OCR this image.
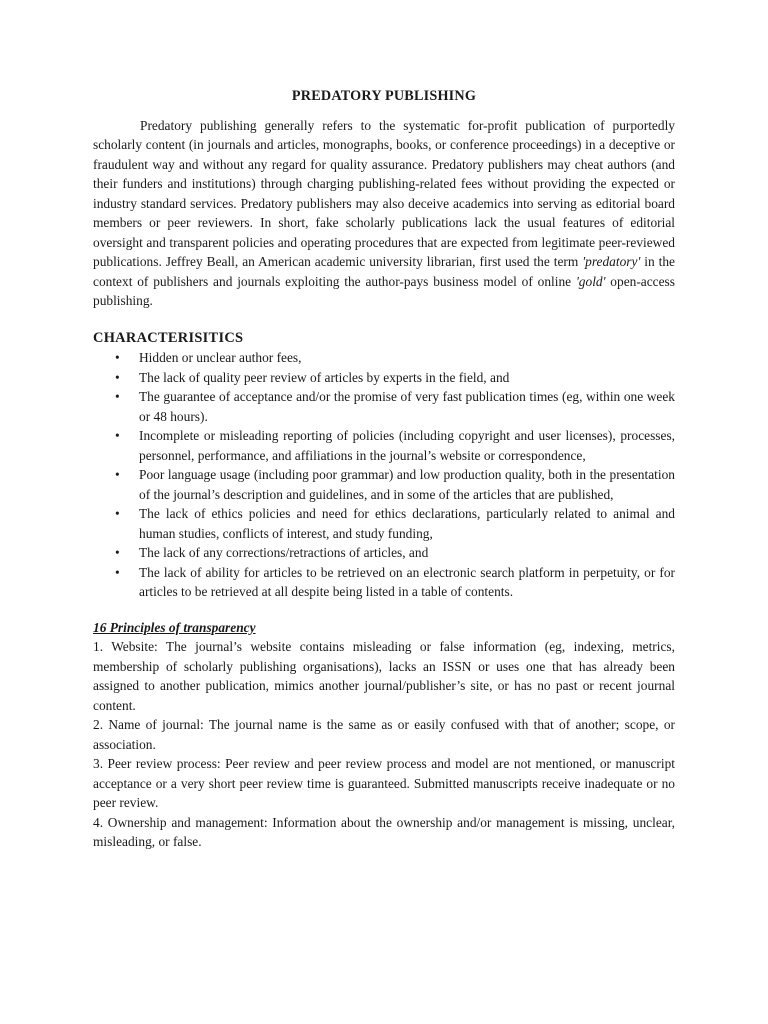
PREDATORY PUBLISHING

Predatory publishing generally refers to the systematic for-profit publication of purportedly scholarly content (in journals and articles, monographs, books, or conference proceedings) in a deceptive or fraudulent way and without any regard for quality assurance. Predatory publishers may cheat authors (and their funders and institutions) through charging publishing-related fees without providing the expected or industry standard services. Predatory publishers may also deceive academics into serving as editorial board members or peer reviewers. In short, fake scholarly publications lack the usual features of editorial oversight and transparent policies and operating procedures that are expected from legitimate peer-reviewed publications. Jeffrey Beall, an American academic university librarian, first used the term 'predatory' in the context of publishers and journals exploiting the author-pays business model of online 'gold' open-access publishing.

CHARACTERISITICS
• Hidden or unclear author fees,
• The lack of quality peer review of articles by experts in the field, and
• The guarantee of acceptance and/or the promise of very fast publication times (eg, within one week or 48 hours).
• Incomplete or misleading reporting of policies (including copyright and user licenses), processes, personnel, performance, and affiliations in the journal’s website or correspondence,
• Poor language usage (including poor grammar) and low production quality, both in the presentation of the journal’s description and guidelines, and in some of the articles that are published,
• The lack of ethics policies and need for ethics declarations, particularly related to animal and human studies, conflicts of interest, and study funding,
• The lack of any corrections/retractions of articles, and
• The lack of ability for articles to be retrieved on an electronic search platform in perpetuity, or for articles to be retrieved at all despite being listed in a table of contents.

16 Principles of transparency

1. Website: The journal’s website contains misleading or false information (eg, indexing, metrics, membership of scholarly publishing organisations), lacks an ISSN or uses one that has already been assigned to another publication, mimics another journal/publisher’s site, or has no past or recent journal content.

2. Name of journal: The journal name is the same as or easily confused with that of another; scope, or association.

3. Peer review process: Peer review and peer review process and model are not mentioned, or manuscript acceptance or a very short peer review time is guaranteed. Submitted manuscripts receive inadequate or no peer review.

4. Ownership and management: Information about the ownership and/or management is missing, unclear, misleading, or false.
